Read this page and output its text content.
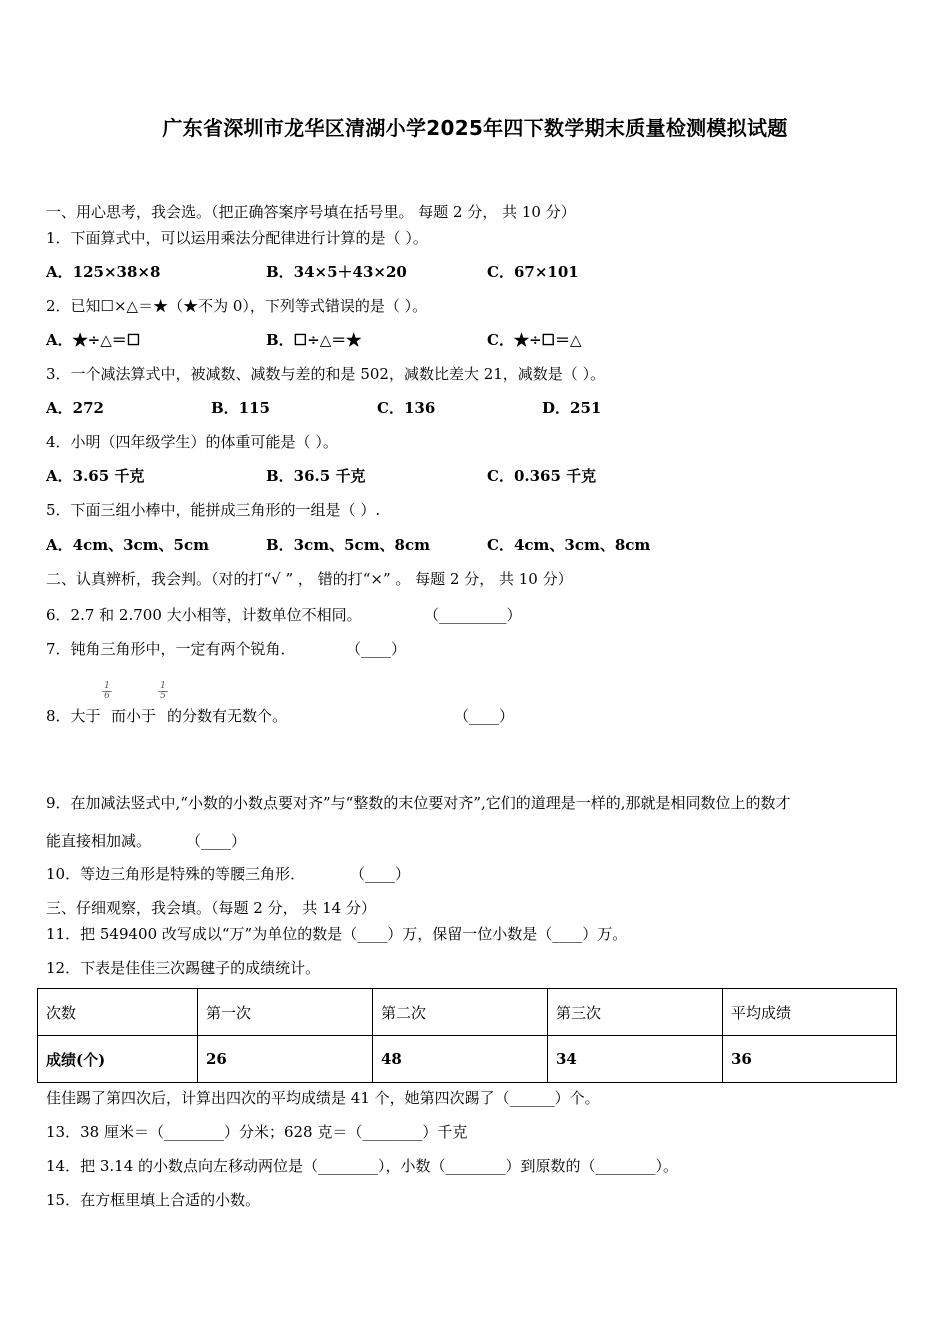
广东省深圳市龙华区清湖小学2025年四下数学期末质量检测模拟试题
一、用心思考，我会选。（把正确答案序号填在括号里。 每题 2 分， 共 10 分）
1．下面算式中，可以运用乘法分配律进行计算的是（ ）。
A．125×38×8	B．34×5＋43×20	C．67×101
2．已知☐×△＝★（★不为 0），下列等式错误的是（ ）。
A．★÷△＝☐	B．☐÷△＝★	C．★÷☐＝△
3．一个减法算式中，被减数、减数与差的和是 502，减数比差大 21，减数是（ ）。
A．272	B．115	C．136	D．251
4．小明（四年级学生）的体重可能是（ ）。
A．3.65 千克	B．36.5 千克	C．0.365 千克
5．下面三组小棒中，能拼成三角形的一组是（ ）.
A．4cm、3cm、5cm	B．3cm、5cm、8cm	C．4cm、3cm、8cm
二、认真辨析，我会判。（对的打“√ ” ， 错的打“×” 。 每题 2 分， 共 10 分）
6．2.7 和 2.700 大小相等，计数单位不相同。	（_________）
7．钝角三角形中，一定有两个锐角．	（____）
8．大于
$\frac{1}{6}$
而小于
$\frac{1}{5}$
的分数有无数个。	（____）
9．在加减法竖式中,“小数的小数点要对齐”与“整数的末位要对齐”,它们的道理是一样的,那就是相同数位上的数才
能直接相加减。 （____）
10．等边三角形是特殊的等腰三角形．	（____）
三、仔细观察，我会填。（每题 2 分， 共 14 分）
11．把 549400 改写成以“万”为单位的数是（____）万，保留一位小数是（____）万。
12．下表是佳佳三次踢毽子的成绩统计。
次数	第一次	第二次	第三次	平均成绩
成绩(个)	26	48	34	36
佳佳踢了第四次后，计算出四次的平均成绩是 41 个，她第四次踢了（______）个。
13．38 厘米＝（________）分米；628 克＝（________）千克
14．把 3.14 的小数点向左移动两位是（________），小数（________）到原数的（________）。
15．在方框里填上合适的小数。
